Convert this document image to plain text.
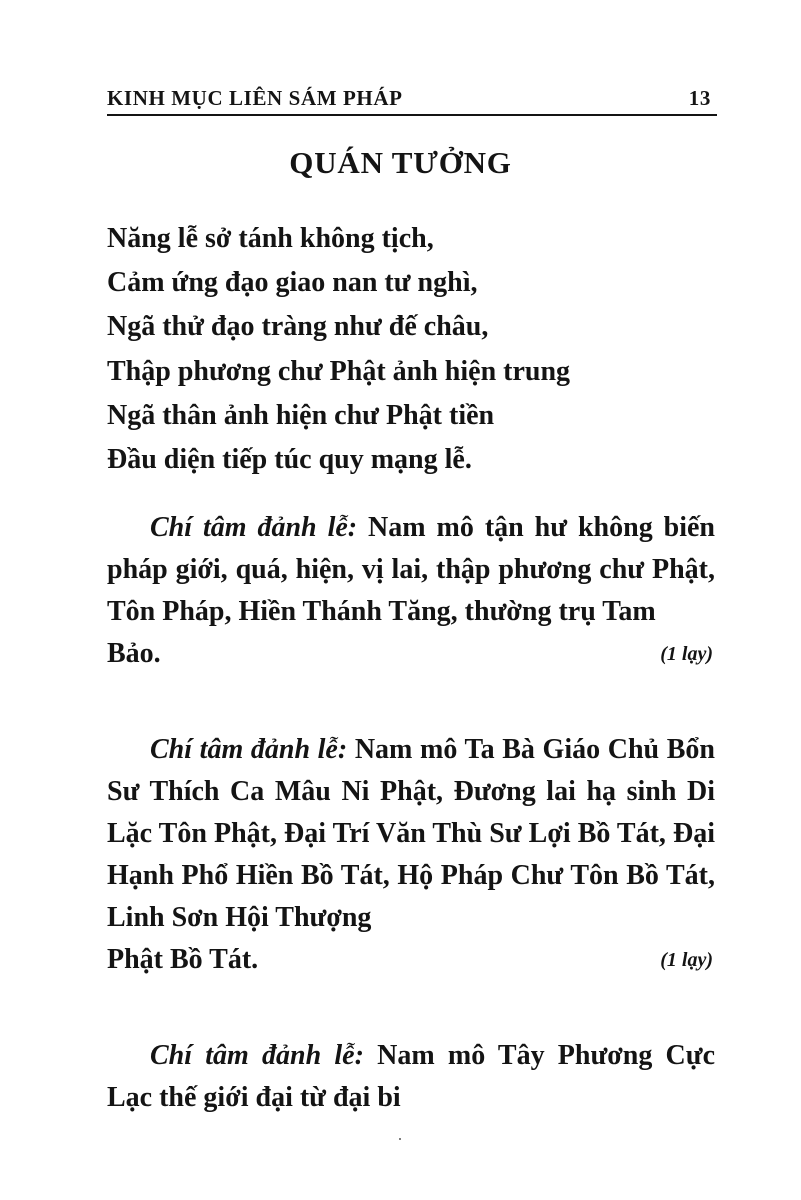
KINH MỤC LIÊN SÁM PHÁP	13
QUÁN TƯỞNG
Năng lễ sở tánh không tịch,
Cảm ứng đạo giao nan tư nghì,
Ngã thử đạo tràng như đế châu,
Thập phương chư Phật ảnh hiện trung
Ngã thân ảnh hiện chư Phật tiền
Đầu diện tiếp túc quy mạng lễ.
Chí tâm đảnh lễ: Nam mô tận hư không biến pháp giới, quá, hiện, vị lai, thập phương chư Phật, Tôn Pháp, Hiền Thánh Tăng, thường trụ Tam
Bảo.	(1 lạy)
Chí tâm đảnh lễ: Nam mô Ta Bà Giáo Chủ Bổn Sư Thích Ca Mâu Ni Phật, Đương lai hạ sinh Di Lặc Tôn Phật, Đại Trí Văn Thù Sư Lợi Bồ Tát, Đại Hạnh Phổ Hiền Bồ Tát, Hộ Pháp Chư Tôn Bồ Tát, Linh Sơn Hội Thượng
Phật Bồ Tát.	(1 lạy)
Chí tâm đảnh lễ: Nam mô Tây Phương Cực Lạc thế giới đại từ đại bi
